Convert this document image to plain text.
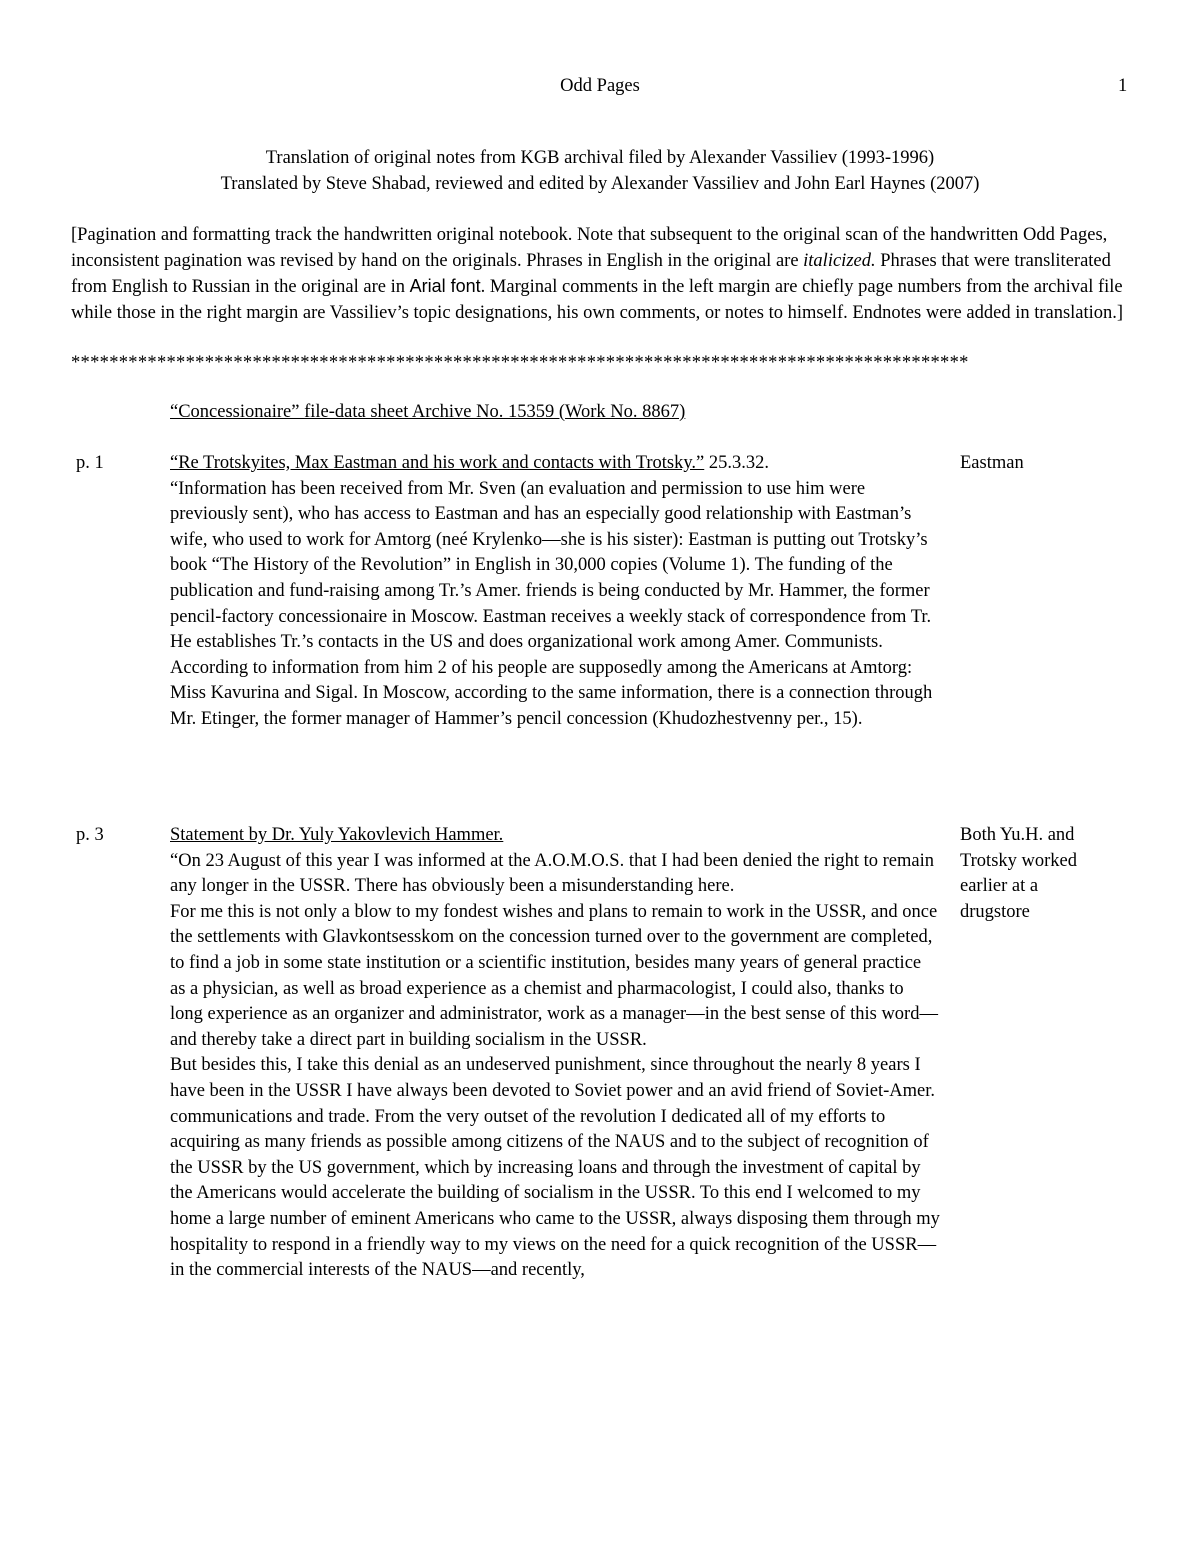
Odd Pages	1
Translation of original notes from KGB archival filed by Alexander Vassiliev (1993-1996)
Translated by Steve Shabad, reviewed and edited by Alexander Vassiliev and John Earl Haynes (2007)
[Pagination and formatting track the handwritten original notebook. Note that subsequent to the original scan of the handwritten Odd Pages, inconsistent pagination was revised by hand on the originals. Phrases in English in the original are italicized. Phrases that were transliterated from English to Russian in the original are in Arial font. Marginal comments in the left margin are chiefly page numbers from the archival file while those in the right margin are Vassiliev’s topic designations, his own comments, or notes to himself. Endnotes were added in translation.]
**********************************************************************************************
“Concessionaire” file-data sheet Archive No. 15359 (Work No. 8867)
p. 1	“Re Trotskyites, Max Eastman and his work and contacts with Trotsky.” 25.3.32.

“Information has been received from Mr. Sven (an evaluation and permission to use him were previously sent), who has access to Eastman and has an especially good relationship with Eastman’s wife, who used to work for Amtorg (neé Krylenko—she is his sister): Eastman is putting out Trotsky’s book “The History of the Revolution” in English in 30,000 copies (Volume 1). The funding of the publication and fund-raising among Tr.’s Amer. friends is being conducted by Mr. Hammer, the former pencil-factory concessionaire in Moscow. Eastman receives a weekly stack of correspondence from Tr. He establishes Tr.’s contacts in the US and does organizational work among Amer. Communists. According to information from him 2 of his people are supposedly among the Americans at Amtorg: Miss Kavurina and Sigal. In Moscow, according to the same information, there is a connection through Mr. Etinger, the former manager of Hammer’s pencil concession (Khudozhestvenny per., 15).

Eastman
p. 3	Statement by Dr. Yuly Yakovlevich Hammer.

“On 23 August of this year I was informed at the A.O.M.O.S. that I had been denied the right to remain any longer in the USSR. There has obviously been a misunderstanding here.

For me this is not only a blow to my fondest wishes and plans to remain to work in the USSR, and once the settlements with Glavkontsesskom on the concession turned over to the government are completed, to find a job in some state institution or a scientific institution, besides many years of general practice as a physician, as well as broad experience as a chemist and pharmacologist, I could also, thanks to long experience as an organizer and administrator, work as a manager—in the best sense of this word—and thereby take a direct part in building socialism in the USSR.

But besides this, I take this denial as an undeserved punishment, since throughout the nearly 8 years I have been in the USSR I have always been devoted to Soviet power and an avid friend of Soviet-Amer. communications and trade. From the very outset of the revolution I dedicated all of my efforts to acquiring as many friends as possible among citizens of the NAUS and to the subject of recognition of the USSR by the US government, which by increasing loans and through the investment of capital by the Americans would accelerate the building of socialism in the USSR. To this end I welcomed to my home a large number of eminent Americans who came to the USSR, always disposing them through my hospitality to respond in a friendly way to my views on the need for a quick recognition of the USSR—in the commercial interests of the NAUS—and recently,

Both Yu.H. and Trotsky worked earlier at a drugstore
